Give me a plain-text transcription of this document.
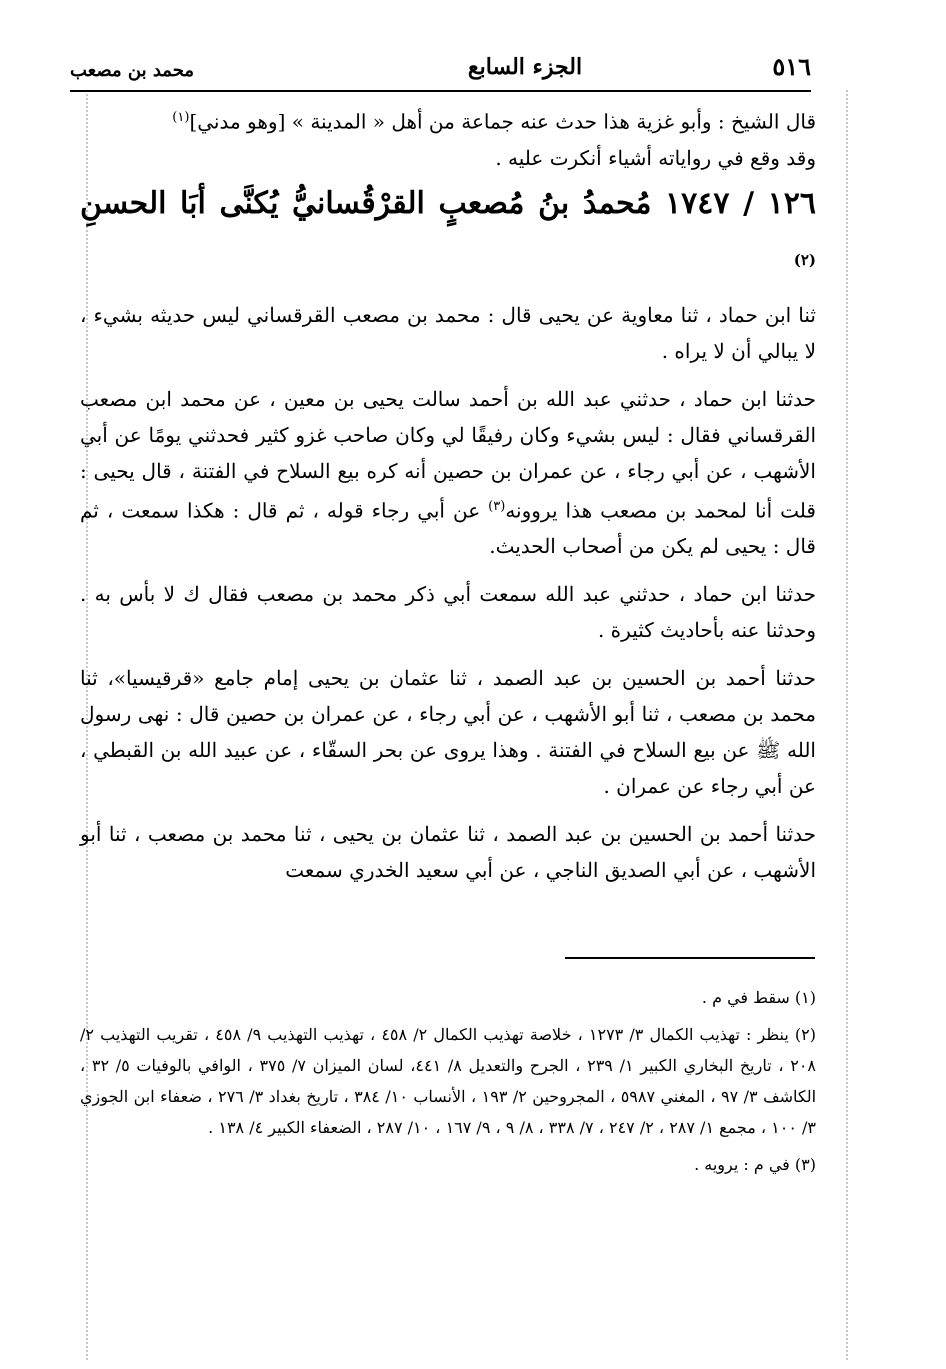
٥١٦
الجزء السابع
محمد بن مصعب

قال الشيخ : وأبو غزية هذا حدث عنه جماعة من أهل « المدينة » [وهو مدني]$^{(١)}$
وقد وقع في رواياته أشياء أنكرت عليه .

١٢٦ / ١٧٤٧ مُحمدُ بنُ مُصعبٍ القرْقُسانيُّ يُكنَّى أبَا الحسنِ $^{(٢)}$

ثنا ابن حماد ، ثنا معاوية عن يحيى قال : محمد بن مصعب القرقساني ليس حديثه بشيء ، لا يبالي أن لا يراه .

حدثنا ابن حماد ، حدثني عبد الله بن أحمد سالت يحيى بن معين ، عن محمد ابن مصعب القرقساني فقال : ليس بشيء وكان رفيقًا لي وكان صاحب غزو كثير فحدثني يومًا عن أبي الأشهب ، عن أبي رجاء ، عن عمران بن حصين أنه كره بيع السلاح في الفتنة ، قال يحيى : قلت أنا لمحمد بن مصعب هذا يروونه$^{(٣)}$ عن أبي رجاء قوله ، ثم قال : هكذا سمعت ، ثم قال : يحيى لم يكن من أصحاب الحديث.

حدثنا ابن حماد ، حدثني عبد الله سمعت أبي ذكر محمد بن مصعب فقال ك لا بأس به . وحدثنا عنه بأحاديث كثيرة .

حدثنا أحمد بن الحسين بن عبد الصمد ، ثنا عثمان بن يحيى إمام جامع «قرقيسيا»، ثنا محمد بن مصعب ، ثنا أبو الأشهب ، عن أبي رجاء ، عن عمران بن حصين قال : نهى رسول الله ﷺ عن بيع السلاح في الفتنة . وهذا يروى عن بحر السقّاء ، عن عبيد الله بن القبطي ، عن أبي رجاء عن عمران .

حدثنا أحمد بن الحسين بن عبد الصمد ، ثنا عثمان بن يحيى ، ثنا محمد بن مصعب ، ثنا أبو الأشهب ، عن أبي الصديق الناجي ، عن أبي سعيد الخدري سمعت

(١) سقط في م .

(٢) ينظر : تهذيب الكمال ٣/ ١٢٧٣ ، خلاصة تهذيب الكمال ٢/ ٤٥٨ ، تهذيب التهذيب ٩/ ٤٥٨ ، تقريب التهذيب ٢/ ٢٠٨ ، تاريخ البخاري الكبير ١/ ٢٣٩ ، الجرح والتعديل ٨/ ٤٤١، لسان الميزان ٧/ ٣٧٥ ، الوافي بالوفيات ٥/ ٣٢ ، الكاشف ٣/ ٩٧ ، المغني ٥٩٨٧ ، المجروحين ٢/ ١٩٣ ، الأنساب ١٠/ ٣٨٤ ، تاريخ بغداد ٣/ ٢٧٦ ، ضعفاء ابن الجوزي ٣/ ١٠٠ ، مجمع ١/ ٢٨٧ ، ٢/ ٢٤٧ ، ٧/ ٣٣٨ ، ٨/ ٩ ، ٩/ ١٦٧ ، ١٠/ ٢٨٧ ، الضعفاء الكبير ٤/ ١٣٨ .

(٣) في م : يرويه .
